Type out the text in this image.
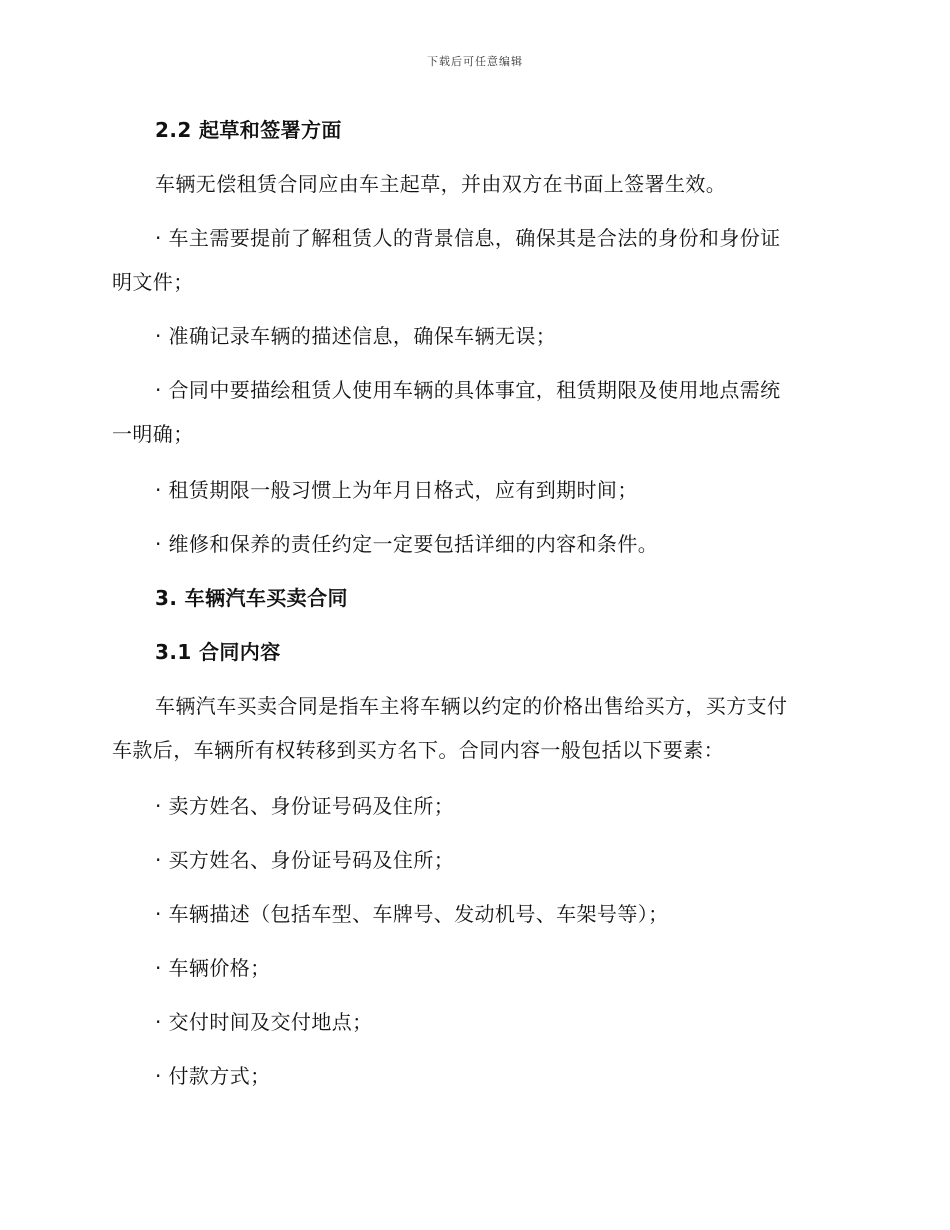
下载后可任意编辑
2.2 起草和签署方面
车辆无偿租赁合同应由车主起草，并由双方在书面上签署生效。
· 车主需要提前了解租赁人的背景信息，确保其是合法的身份和身份证
明文件；
· 准确记录车辆的描述信息，确保车辆无误；
· 合同中要描绘租赁人使用车辆的具体事宜，租赁期限及使用地点需统
一明确；
· 租赁期限一般习惯上为年月日格式，应有到期时间；
· 维修和保养的责任约定一定要包括详细的内容和条件。
3. 车辆汽车买卖合同
3.1 合同内容
车辆汽车买卖合同是指车主将车辆以约定的价格出售给买方，买方支付
车款后，车辆所有权转移到买方名下。合同内容一般包括以下要素：
· 卖方姓名、身份证号码及住所；
· 买方姓名、身份证号码及住所；
· 车辆描述（包括车型、车牌号、发动机号、车架号等）；
· 车辆价格；
· 交付时间及交付地点；
· 付款方式；
